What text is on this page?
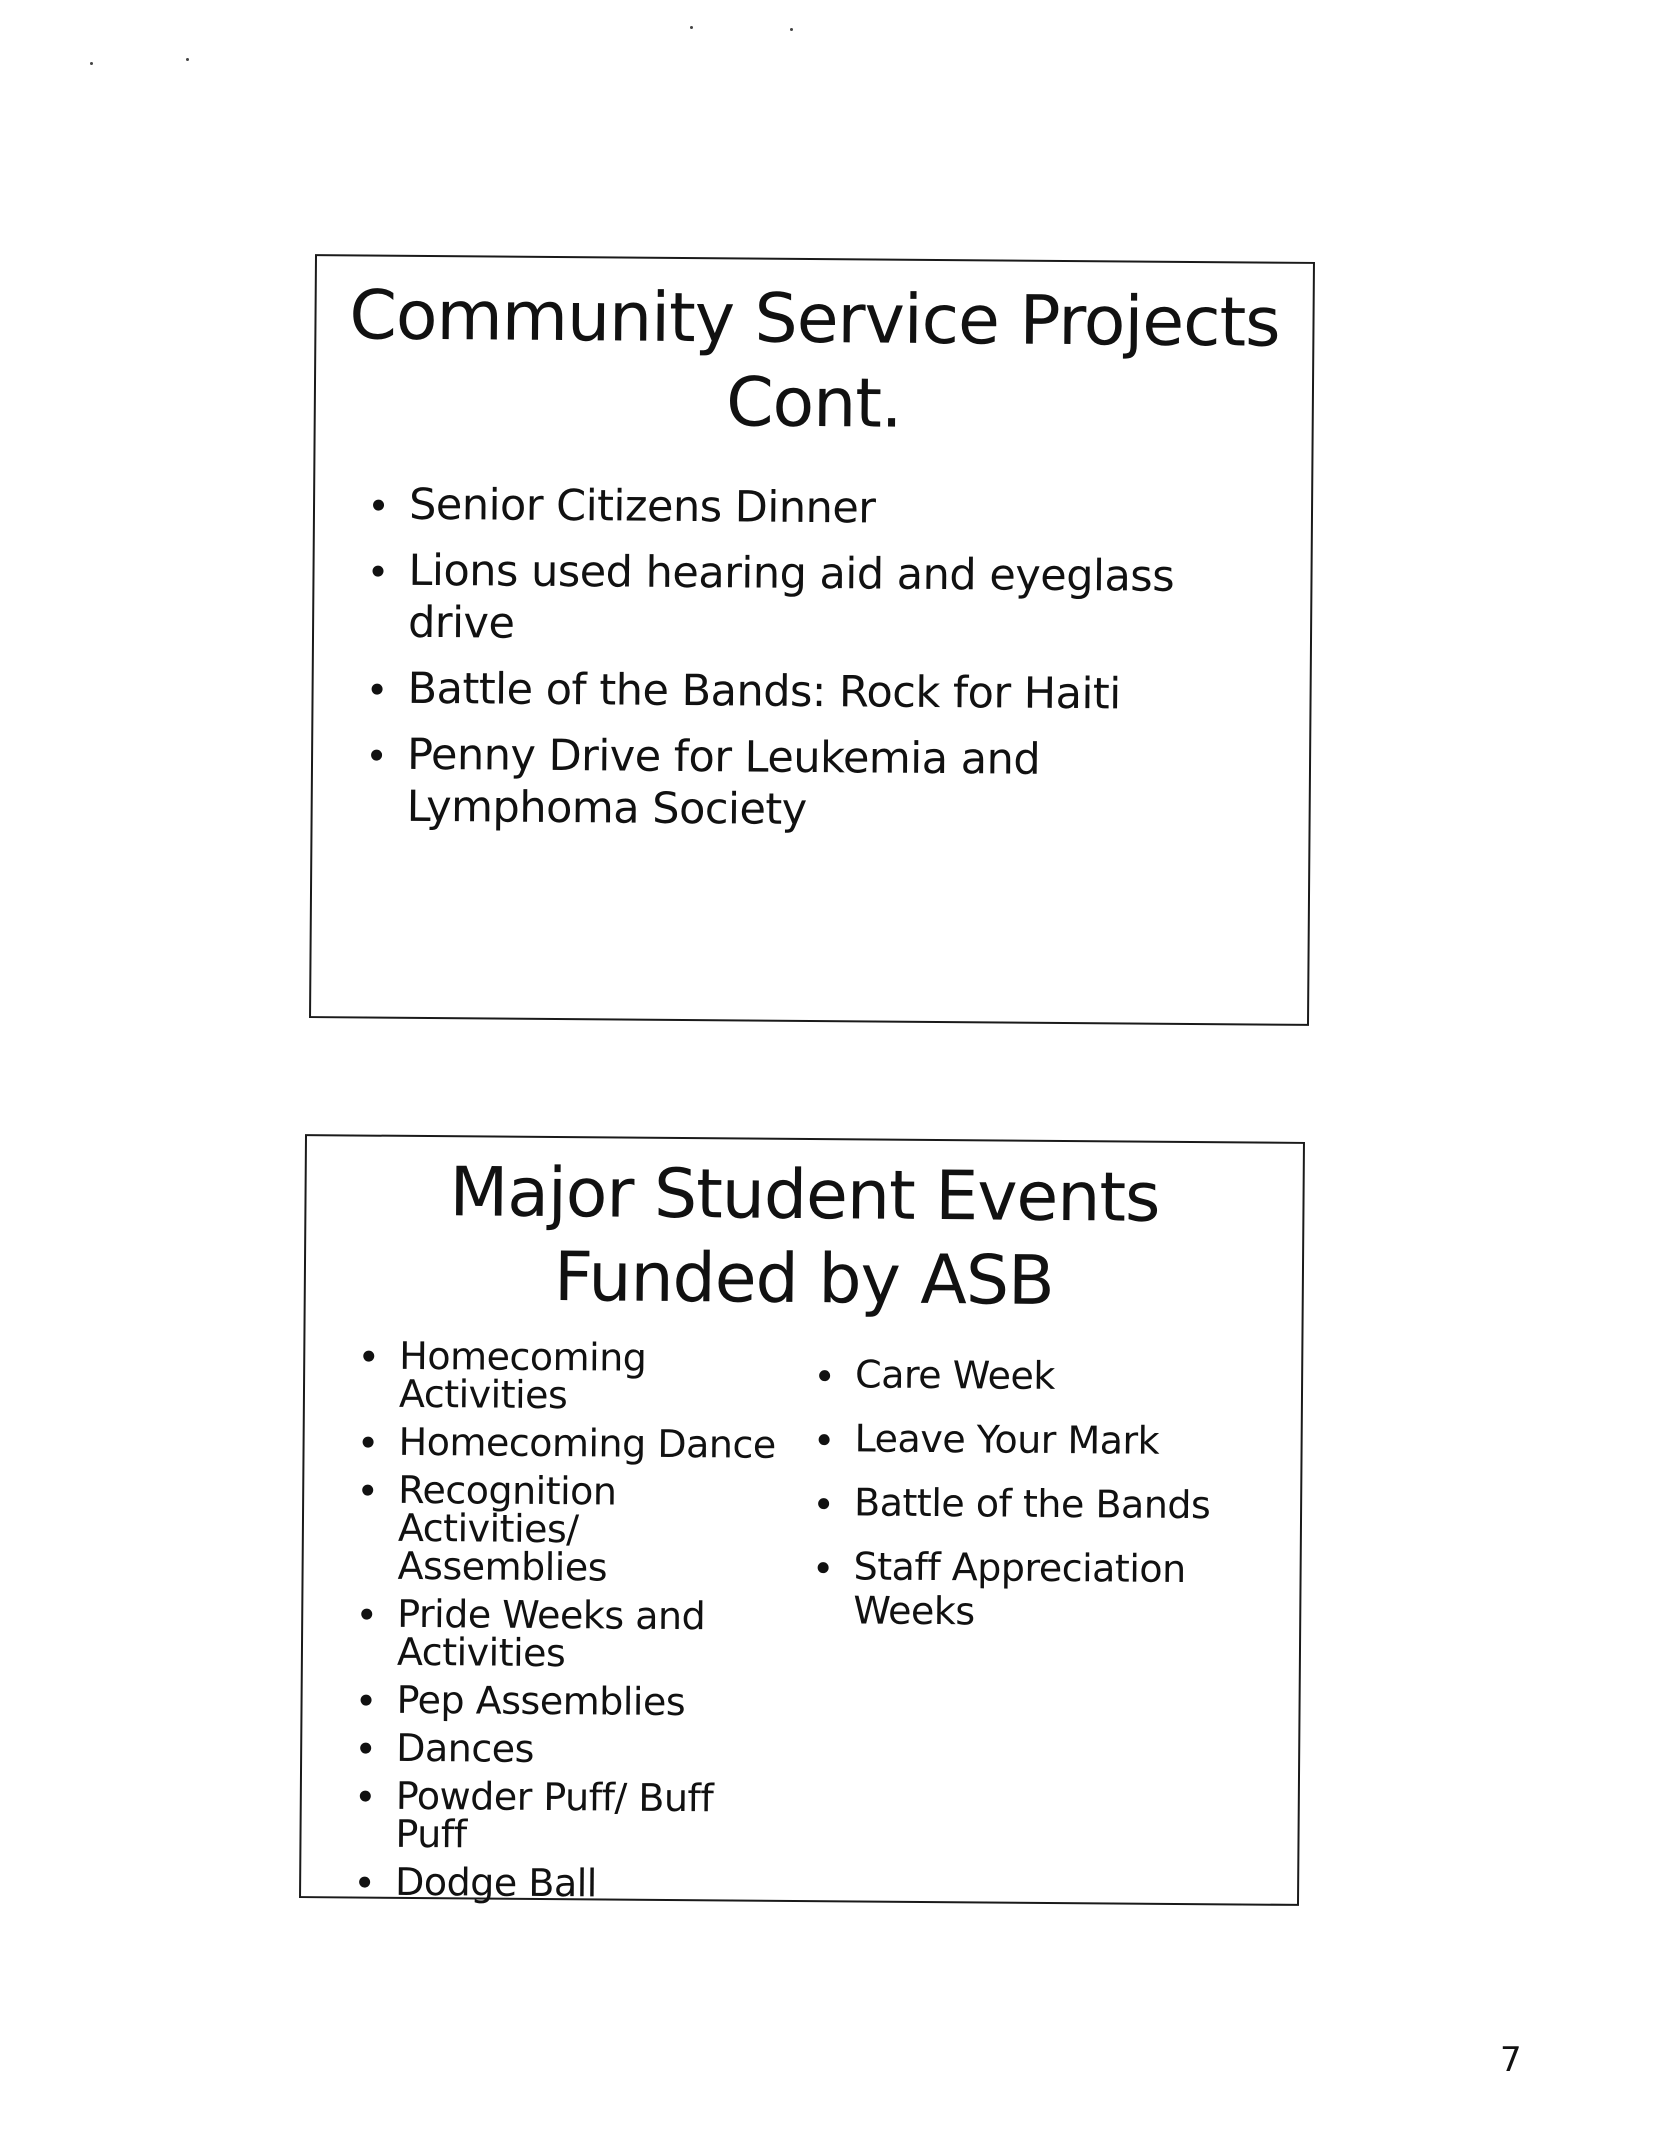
Community Service Projects
Cont.
Senior Citizens Dinner
Lions used hearing aid and eyeglass drive
Battle of the Bands: Rock for Haiti
Penny Drive for Leukemia and Lymphoma Society
Major Student Events
Funded by ASB
Homecoming Activities
Homecoming Dance
Recognition Activities/ Assemblies
Pride Weeks and Activities
Pep Assemblies
Dances
Powder Puff/ Buff Puff
Dodge Ball
Care Week
Leave Your Mark
Battle of the Bands
Staff Appreciation Weeks
7
